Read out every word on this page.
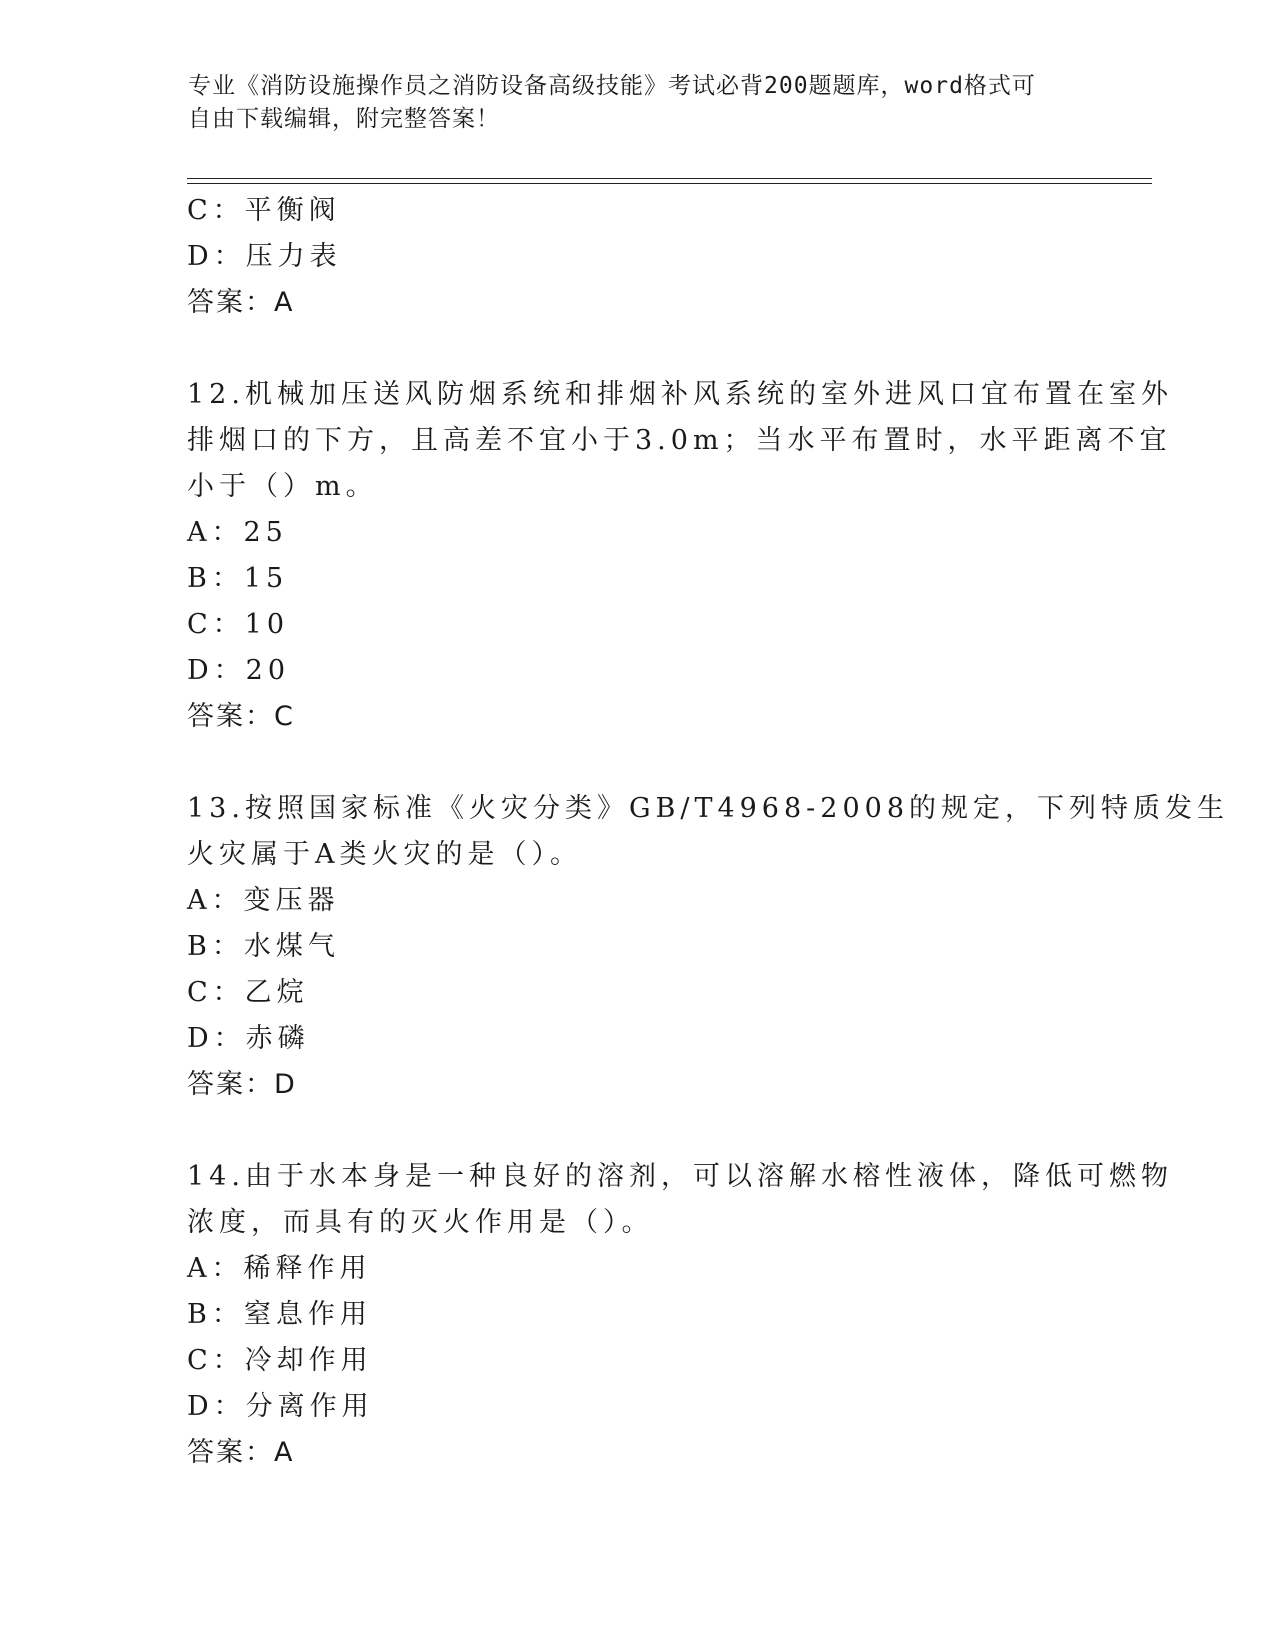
专业《消防设施操作员之消防设备高级技能》考试必背200题题库，word格式可
自由下载编辑，附完整答案！
C：平衡阀
D：压力表
答案：A
12.机械加压送风防烟系统和排烟补风系统的室外进风口宜布置在室外
排烟口的下方，且高差不宜小于3.0m；当水平布置时，水平距离不宜
小于（）m。
A：25
B：15
C：10
D：20
答案：C
13.按照国家标准《火灾分类》GB/T4968-2008的规定，下列特质发生
火灾属于A类火灾的是（）。
A：变压器
B：水煤气
C：乙烷
D：赤磷
答案：D
14.由于水本身是一种良好的溶剂，可以溶解水榕性液体，降低可燃物
浓度，而具有的灭火作用是（）。
A：稀释作用
B：窒息作用
C：冷却作用
D：分离作用
答案：A
